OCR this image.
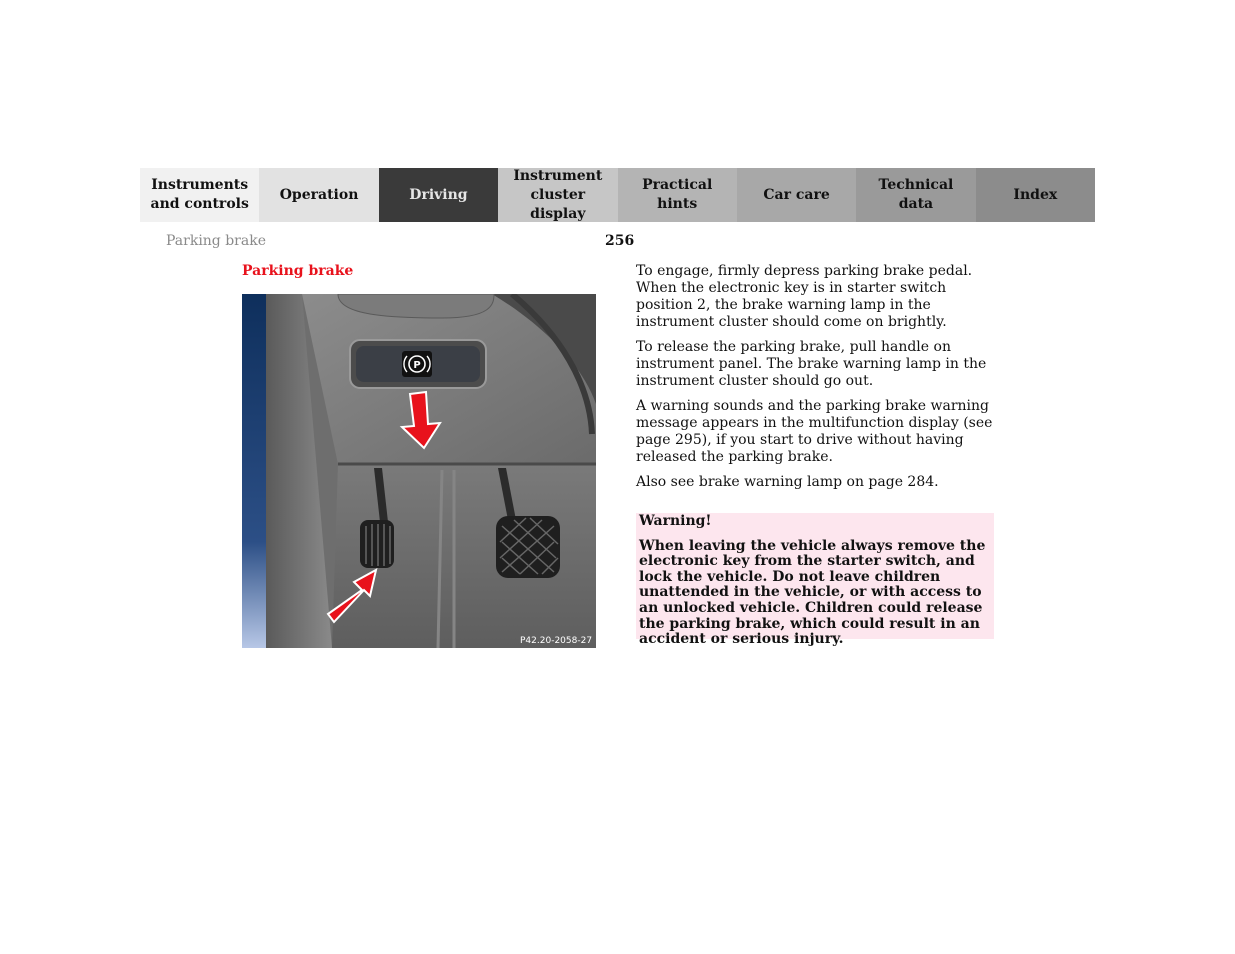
Instruments
and controls
Operation	Driving
Instrument
cluster display
Practical hints
Car care
Technical
data
Index
Parking brake	256
Parking brake
P
P42.20-2058-27

To engage, firmly depress parking brake pedal. When the electronic key is in starter switch position 2, the brake warning lamp in the instrument cluster should come on brightly.

To release the parking brake, pull handle on instrument panel. The brake warning lamp in the instrument cluster should go out.

A warning sounds and the parking brake warning message appears in the multifunction display (see page 295), if you start to drive without having released the parking brake.

Also see brake warning lamp on page 284.

Warning!

When leaving the vehicle always remove the electronic key from the starter switch, and lock the vehicle. Do not leave children unattended in the vehicle, or with access to an unlocked vehicle. Children could release the parking brake, which could result in an accident or serious injury.
